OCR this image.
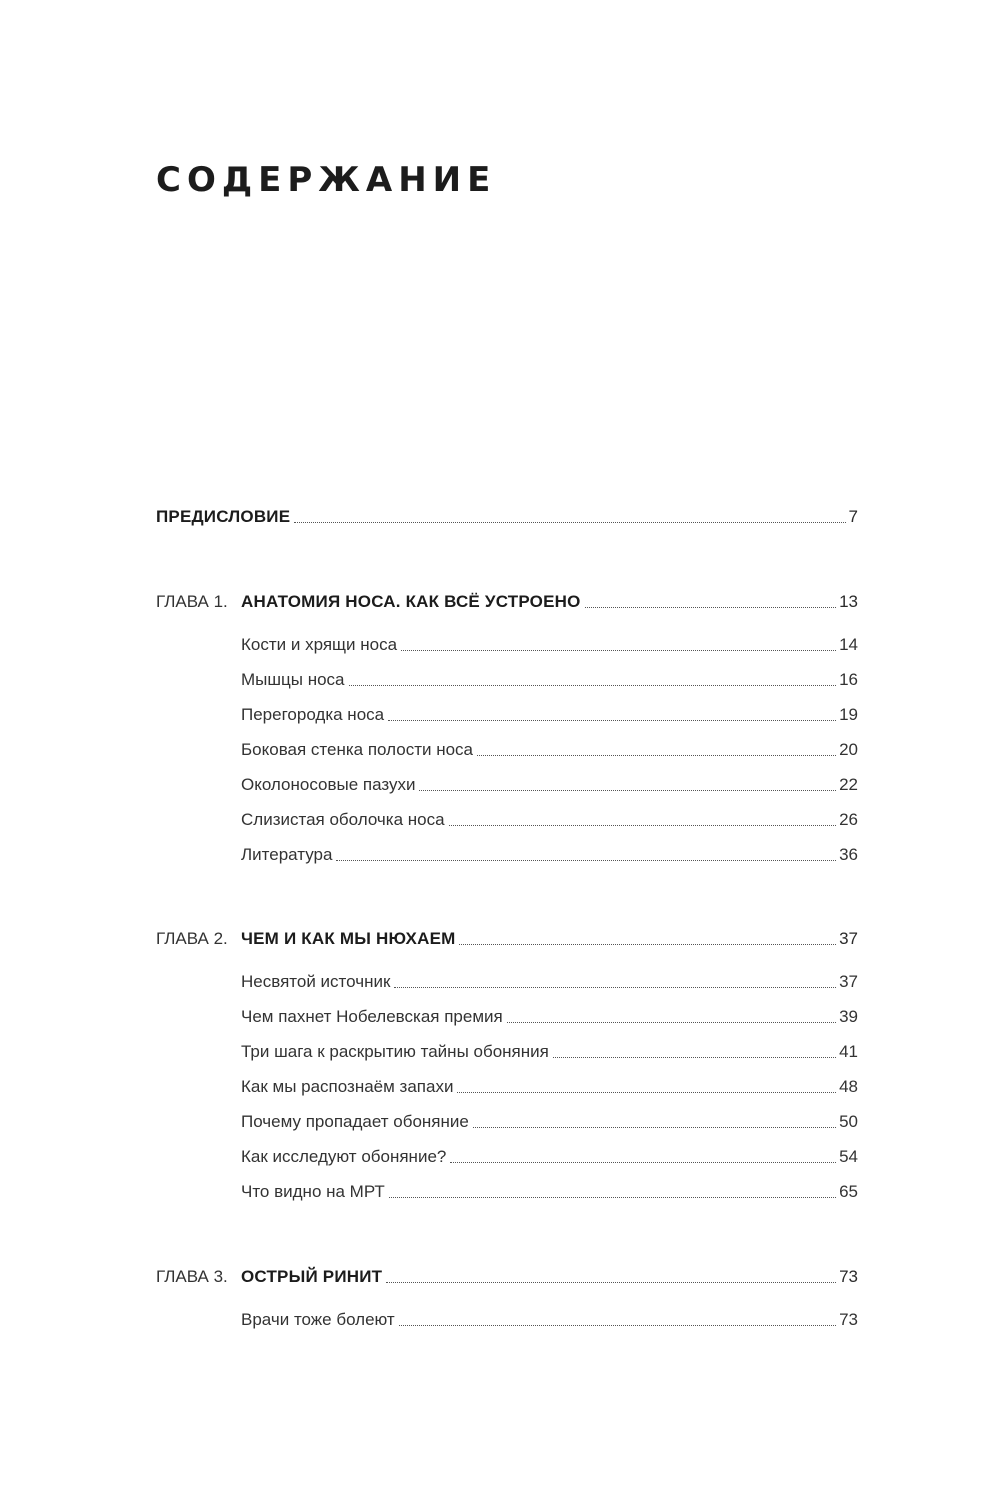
СОДЕРЖАНИЕ
ПРЕДИСЛОВИЕ	7
ГЛАВА 1. АНАТОМИЯ НОСА. КАК ВСЁ УСТРОЕНО	13
Кости и хрящи носа	14
Мышцы носа	16
Перегородка носа	19
Боковая стенка полости носа	20
Околоносовые пазухи	22
Слизистая оболочка носа	26
Литература	36
ГЛАВА 2. ЧЕМ И КАК МЫ НЮХАЕМ	37
Несвятой источник	37
Чем пахнет Нобелевская премия	39
Три шага к раскрытию тайны обоняния	41
Как мы распознаём запахи	48
Почему пропадает обоняние	50
Как исследуют обоняние?	54
Что видно на МРТ	65
ГЛАВА 3. ОСТРЫЙ РИНИТ	73
Врачи тоже болеют	73
